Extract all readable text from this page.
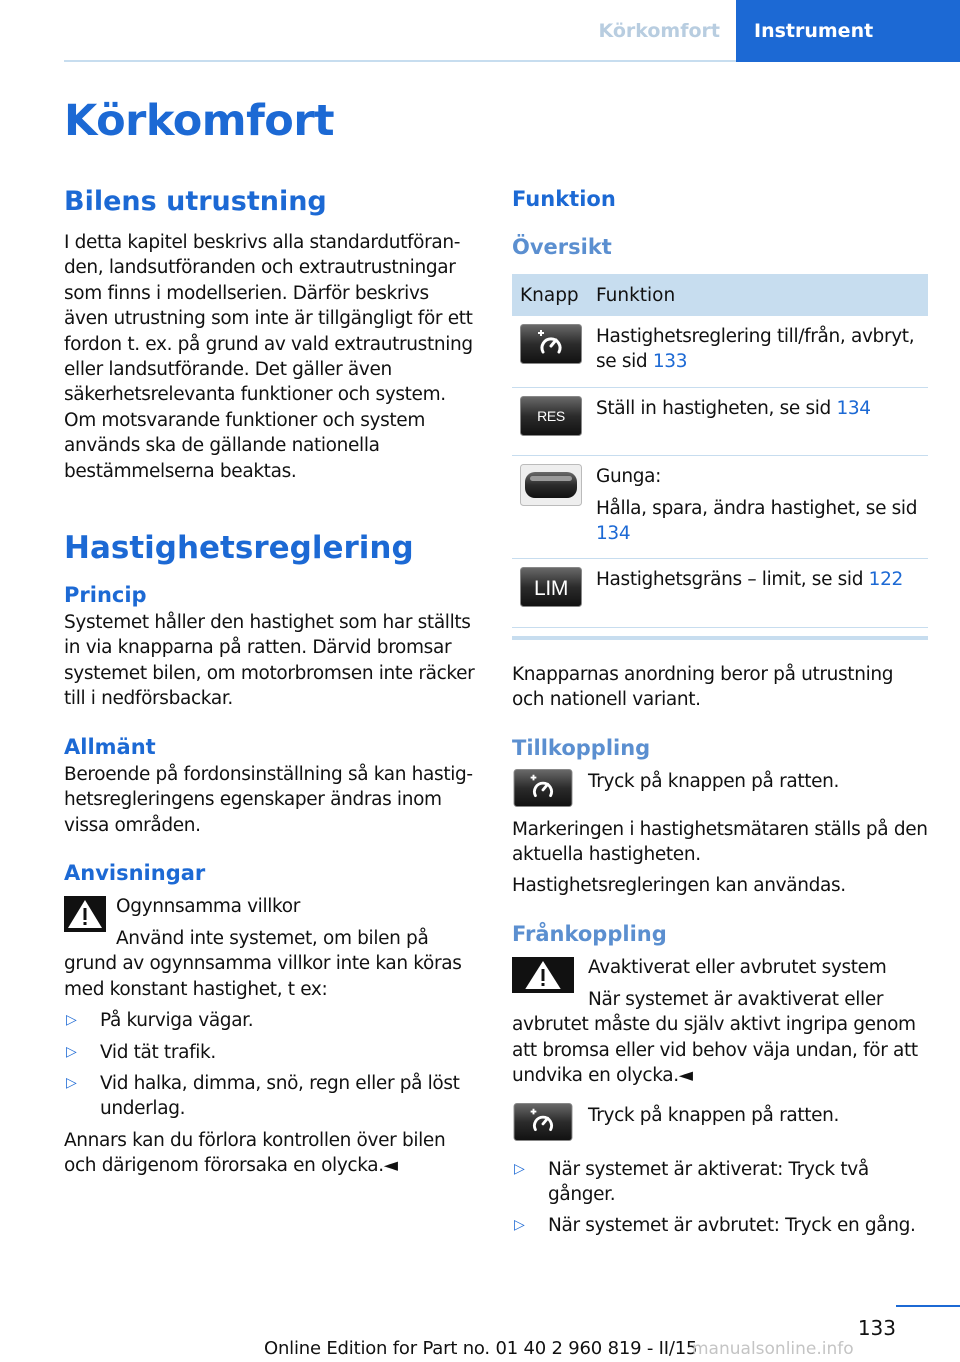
Körkomfort	Instrument
Körkomfort
Bilens utrustning

I detta kapitel beskrivs alla standardutföranden, landsutföranden och extrautrustningar som finns i modellserien. Därför beskrivs även utrustning som inte är tillgängligt för ett fordon t. ex. på grund av vald extrautrustning eller landsutförande. Det gäller även säkerhetsrelevanta funktioner och system. Om motsvarande funktioner och system används ska de gällande nationella bestämmelserna beaktas.

Hastighetsreglering
Princip

Systemet håller den hastighet som har ställts in via knapparna på ratten. Därvid bromsar systemet bilen, om motorbromsen inte räcker till i nedförsbackar.

Allmänt

Beroende på fordonsinställning så kan hastighetsregleringens egenskaper ändras inom vissa områden.

Anvisningar

Ogynnsamma villkor

Använd inte systemet, om bilen på grund av ogynnsamma villkor inte kan köras med konstant hastighet, t ex:

▷	På kurviga vägar.
▷	Vid tät trafik.
▷	Vid halka, dimma, snö, regn eller på löst underlag.

Annars kan du förlora kontrollen över bilen och därigenom förorsaka en olycka.◄

Funktion
Översikt
Knapp	Funktion
	Hastighetsreglering till/från, avbryt, se sid 133

RES	Ställ in hastigheten, se sid 134

Gunga:
Hålla, spara, ändra hastighet, se sid 134

LIM	Hastighetsgräns – limit, se sid 122

Knapparnas anordning beror på utrustning och nationell variant.

Tillkoppling

Tryck på knappen på ratten.

Markeringen i hastighetsmätaren ställs på den aktuella hastigheten.

Hastighetsregleringen kan användas.

Frånkoppling

Avaktiverat eller avbrutet system

När systemet är avaktiverat eller avbrutet måste du själv aktivt ingripa genom att bromsa eller vid behov väja undan, för att undvika en olycka.◄

Tryck på knappen på ratten.

▷	När systemet är aktiverat: Tryck två gånger.
▷	När systemet är avbrutet: Tryck en gång.
133
Online Edition for Part no. 01 40 2 960 819 - II/15
manualsonline.info
